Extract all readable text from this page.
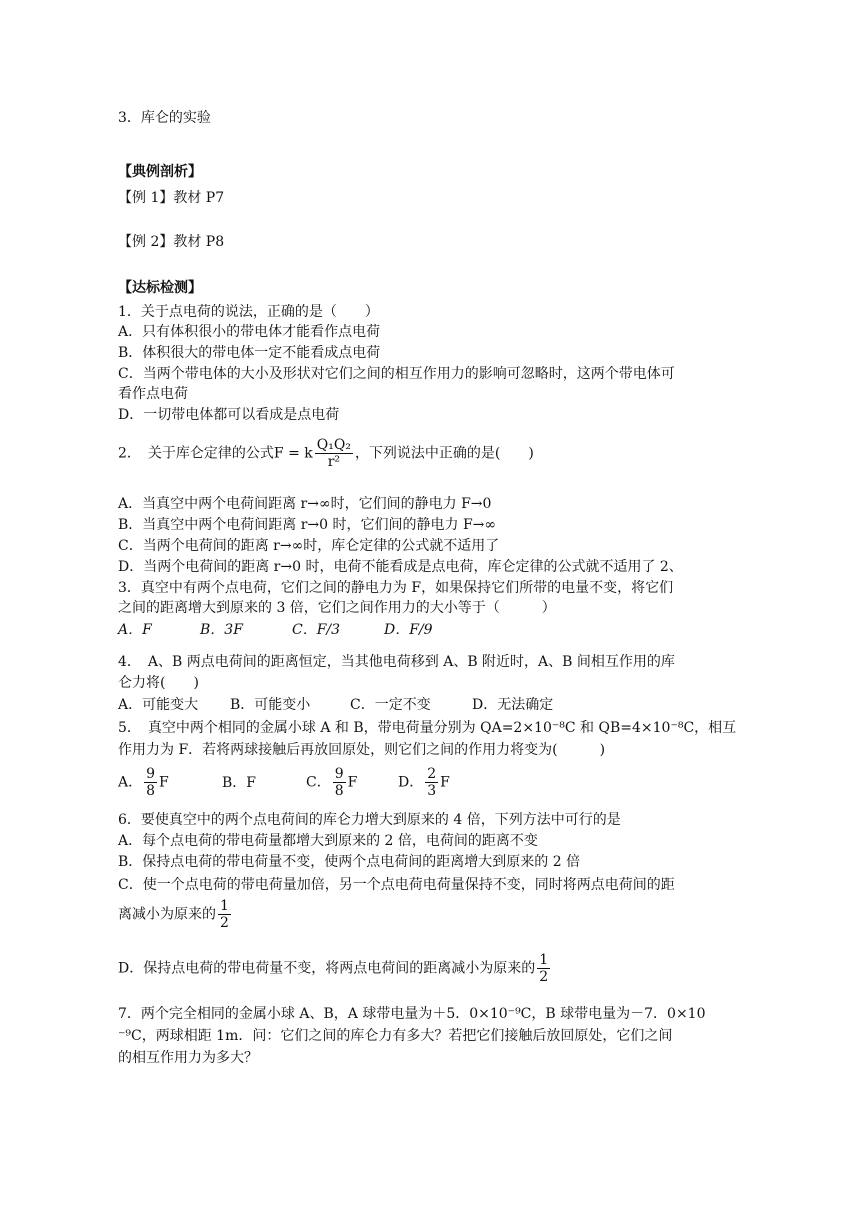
3．库仑的实验
【典例剖析】
【例 1】教材 P7
【例 2】教材 P8
【达标检测】
1．关于点电荷的说法，正确的是（　　）
A．只有体积很小的带电体才能看作点电荷
B．体积很大的带电体一定不能看成点电荷
C．当两个带电体的大小及形状对它们之间的相互作用力的影响可忽略时，这两个带电体可
看作点电荷
D．一切带电体都可以看成是点电荷
2．　关于库仑定律的公式F = k $\frac{\text{Q₁Q₂}}{\text{r²}}$ ，下列说法中正确的是(　　)
A．当真空中两个电荷间距离 r→∞时，它们间的静电力 F→0
B．当真空中两个电荷间距离 r→0 时，它们间的静电力 F→∞
C．当两个电荷间的距离 r→∞时，库仑定律的公式就不适用了
D．当两个电荷间的距离 r→0 时，电荷不能看成是点电荷，库仑定律的公式就不适用了 2、
3．真空中有两个点电荷，它们之间的静电力为 F，如果保持它们所带的电量不变，将它们
之间的距离增大到原来的 3 倍，它们之间作用力的大小等于（　　　）
A．F	B．3F	C．F/3	D．F/9
4．　A、B 两点电荷间的距离恒定，当其他电荷移到 A、B 附近时，A、B 间相互作用的库
仑力将(　　)
A．可能变大 B．可能变小	C．一定不变	D．无法确定
5．　真空中两个相同的金属小球 A 和 B，带电荷量分别为 QA=2×10⁻⁸C 和 QB=4×10⁻⁸C，相互
作用力为 F．若将两球接触后再放回原处，则它们之间的作用力将变为(　　　)
A． $\frac{9}{8}$ F	B．F	C． $\frac{9}{8}$ F	D． $\frac{2}{3}$ F
6．要使真空中的两个点电荷间的库仑力增大到原来的 4 倍，下列方法中可行的是
A．每个点电荷的带电荷量都增大到原来的 2 倍，电荷间的距离不变
B．保持点电荷的带电荷量不变，使两个点电荷间的距离增大到原来的 2 倍
C．使一个点电荷的带电荷量加倍，另一个点电荷电荷量保持不变，同时将两点电荷间的距
离减小为原来的 $\frac{1}{2}$
D．保持点电荷的带电荷量不变，将两点电荷间的距离减小为原来的 $\frac{1}{2}$
7．两个完全相同的金属小球 A、B，A 球带电量为＋5．0×10⁻⁹C，B 球带电量为－7．0×10
⁻⁹C，两球相距 1m．问：它们之间的库仑力有多大？若把它们接触后放回原处，它们之间
的相互作用力为多大？
